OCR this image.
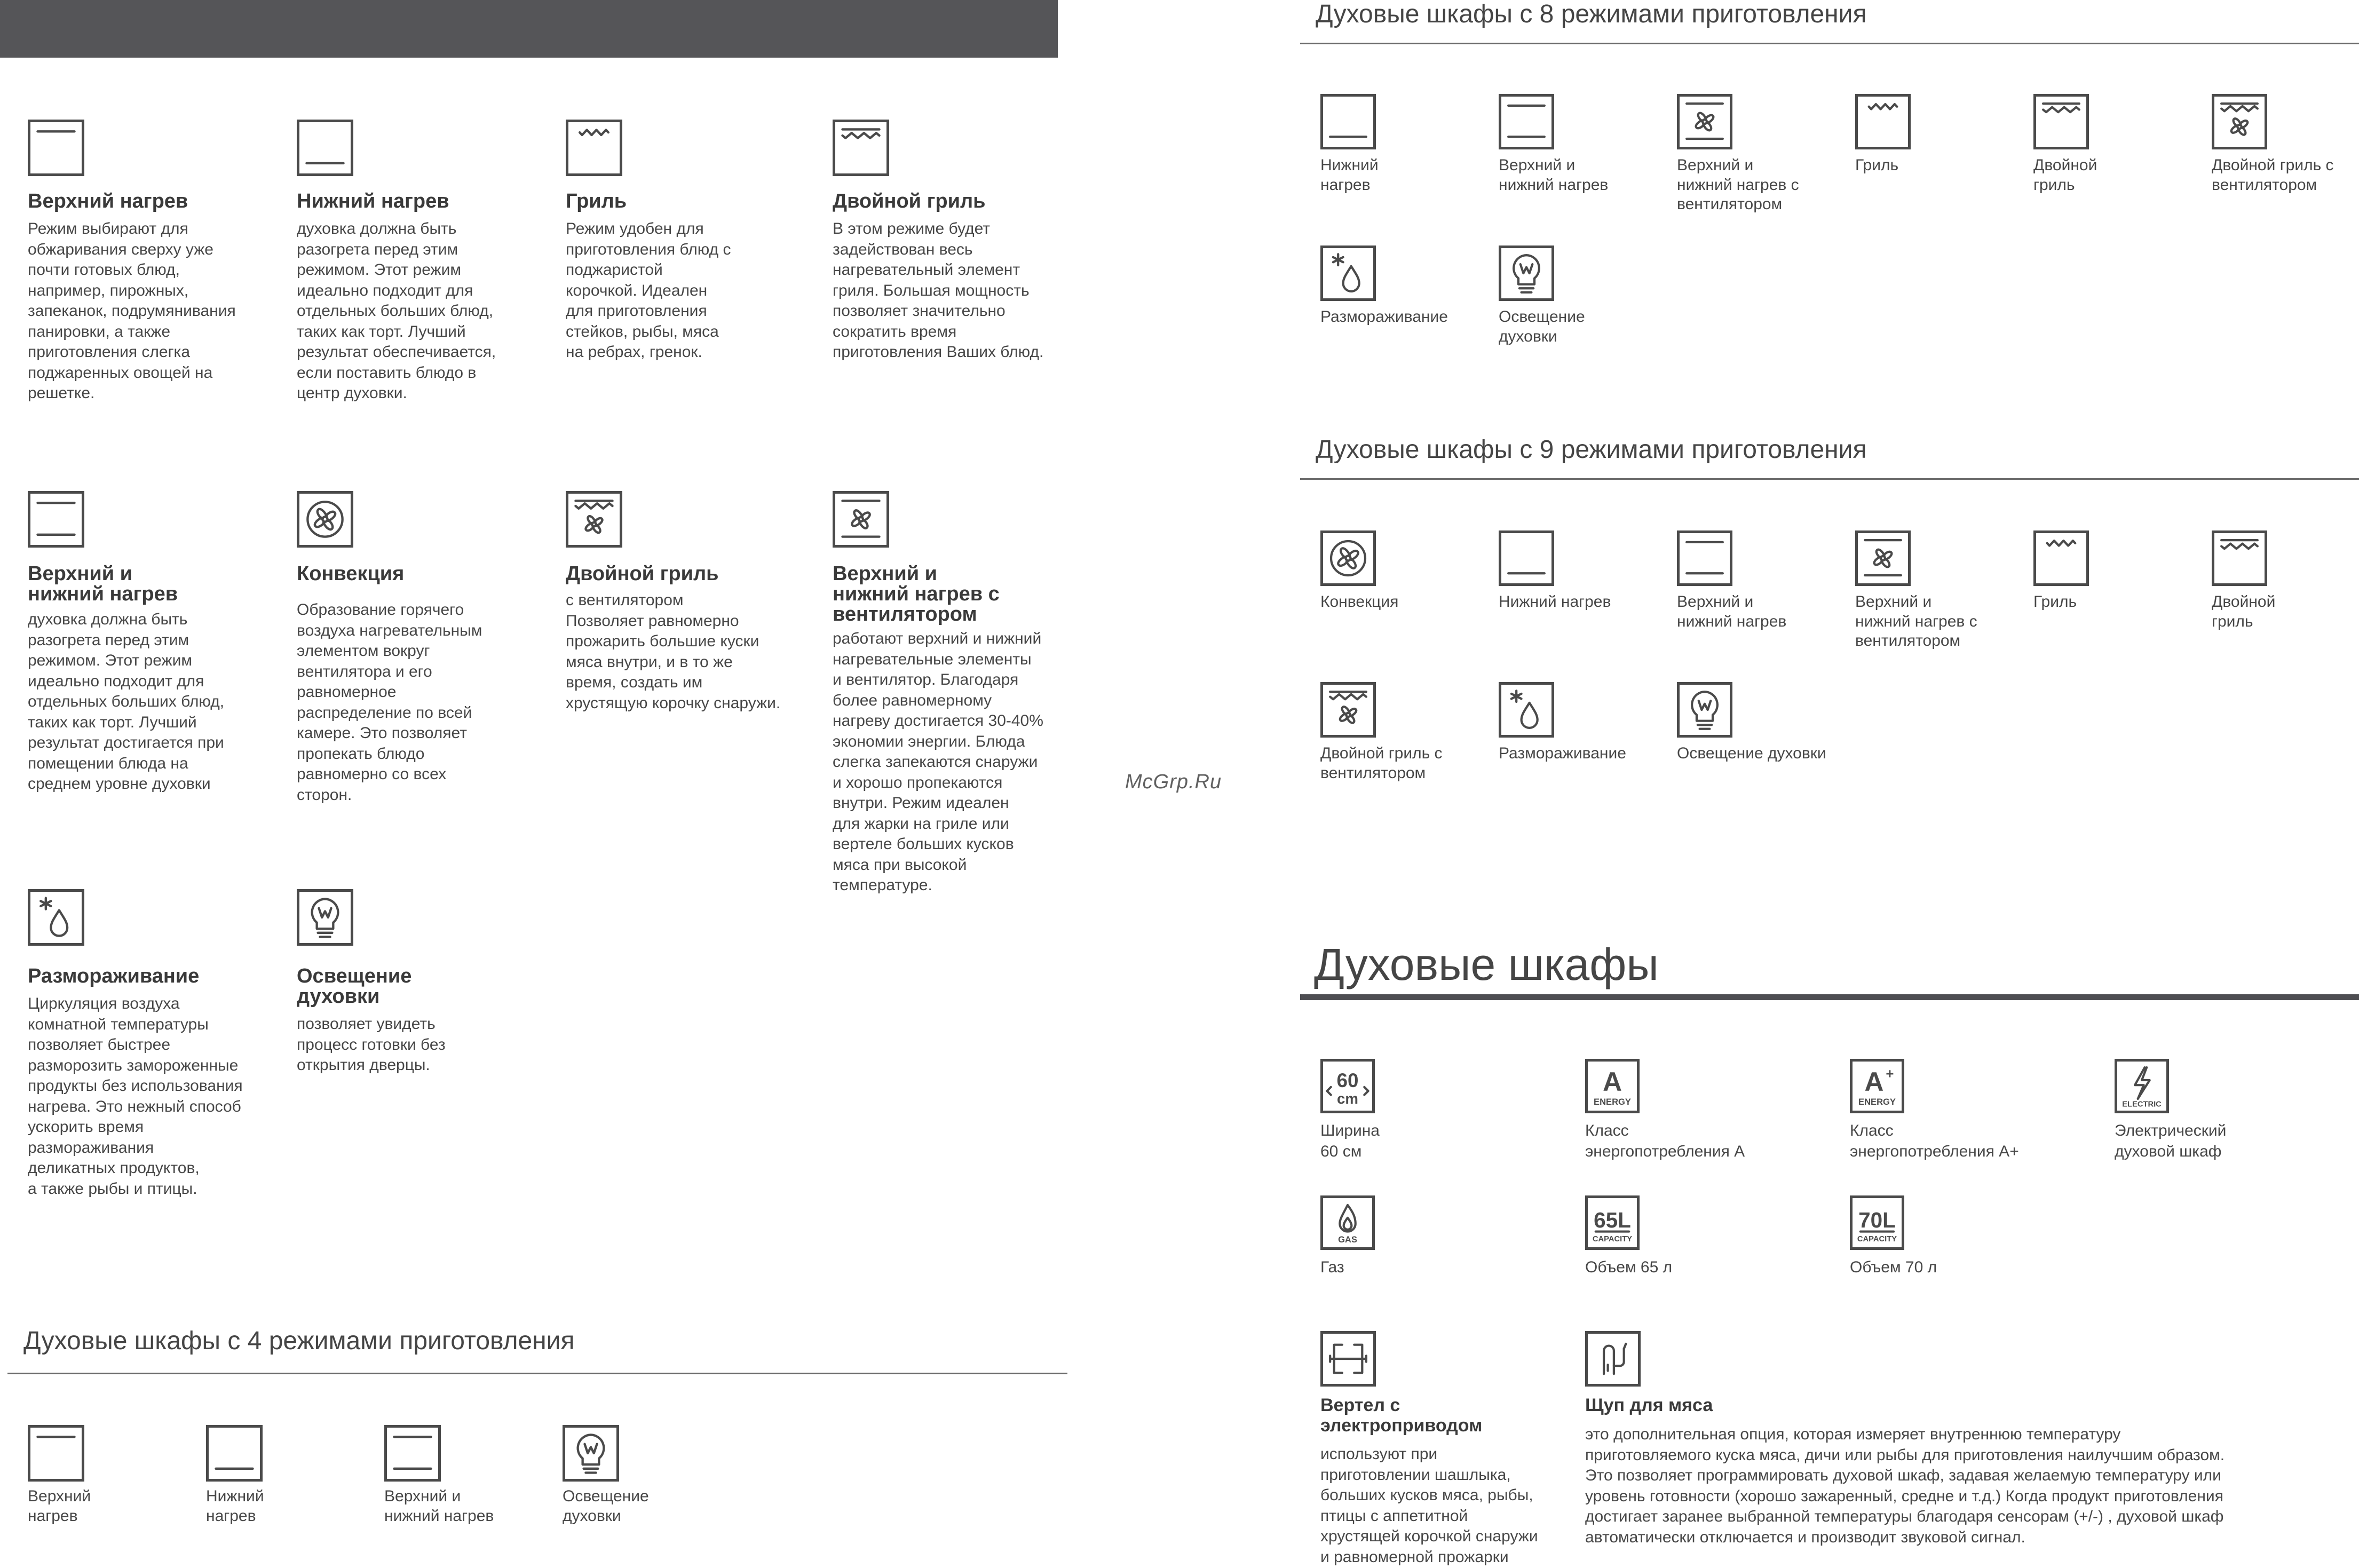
Верхний нагрев
Режим выбирают для
обжаривания сверху уже
почти готовых блюд,
например, пирожных,
запеканок, подрумянивания
панировки, а также
приготовления слегка
поджаренных овощей на
решетке.
Нижний нагрев
духовка должна быть
разогрета перед этим
режимом. Этот режим
идеально подходит для
отдельных больших блюд,
таких как торт. Лучший
результат обеспечивается,
если поставить блюдо в
центр духовки.
Гриль
Режим удобен для
приготовления блюд с
поджаристой
корочкой. Идеален
для приготовления
стейков, рыбы, мяса
на ребрах, гренок.
Двойной гриль
В этом режиме будет
задействован весь
нагревательный элемент
гриля. Большая мощность
позволяет значительно
сократить время
приготовления Ваших блюд.
Верхний и
нижний нагрев
духовка должна быть
разогрета перед этим
режимом. Этот режим
идеально подходит для
отдельных больших блюд,
таких как торт. Лучший
результат достигается при
помещении блюда на
среднем уровне духовки
Конвекция
Образование горячего
воздуха нагревательным
элементом вокруг
вентилятора и его
равномерное
распределение по всей
камере. Это позволяет
пропекать блюдо
равномерно со всех
сторон.
Двойной гриль
с вентилятором
Позволяет равномерно
прожарить большие куски
мяса внутри, и в то же
время, создать им
хрустящую корочку снаружи.
Верхний и
нижний нагрев с
вентилятором
работают верхний и нижний
нагревательные элементы
и вентилятор. Благодаря
более равномерному
нагреву достигается 30-40%
экономии энергии. Блюда
слегка запекаются снаружи
и хорошо пропекаются
внутри. Режим идеален
для жарки на гриле или
вертеле больших кусков
мяса при высокой
температуре.
Размораживание
Циркуляция воздуха
комнатной температуры
позволяет быстрее
разморозить замороженные
продукты без использования
нагрева. Это нежный способ
ускорить время
размораживания
деликатных продуктов,
а также рыбы и птицы.
Освещение
духовки
позволяет увидеть
процесс готовки без
открытия дверцы.
Духовые шкафы с 4 режимами приготовления
Верхний
нагрев
Нижний
нагрев
Верхний и
нижний нагрев
Освещение
духовки
Духовые шкафы с 8 режимами приготовления
Нижний
нагрев
Верхний и
нижний нагрев
Верхний и
нижний нагрев с
вентилятором
Гриль	Двойной
гриль
Двойной гриль с
вентилятором
Размораживание	Освещение
духовки
Духовые шкафы с 9 режимами приготовления
Конвекция	Нижний нагрев	Верхний и
нижний нагрев
Верхний и
нижний нагрев с
вентилятором
Гриль	Двойной
гриль
Двойной гриль с
вентилятором
Размораживание	Освещение духовки
McGrp.Ru
Духовые шкафы
60
cm
Ширина
60 см
A
ENERGY
Класс
энергопотребления А
A
ENERGY
+
Класс
энергопотребления А+
ELECTRIC
Электрический
духовой шкаф
GAS
Газ
65L
CAPACITY
Объем 65 л
70L
CAPACITY
Объем 70 л
Вертел с
электроприводом
используют при
приготовлении шашлыка,
больших кусков мяса, рыбы,
птицы с аппетитной
хрустящей корочкой снаружи
и равномерной прожарки
Щуп для мяса
это дополнительная опция, которая измеряет внутреннюю температуру
приготовляемого куска мяса, дичи или рыбы для приготовления наилучшим образом.
Это позволяет программировать духовой шкаф, задавая желаемую температуру или
уровень готовности (хорошо зажаренный, средне и т.д.) Когда продукт приготовления
достигает заранее выбранной температуры благодаря сенсорам (+/-) , духовой шкаф
автоматически отключается и производит звуковой сигнал.
